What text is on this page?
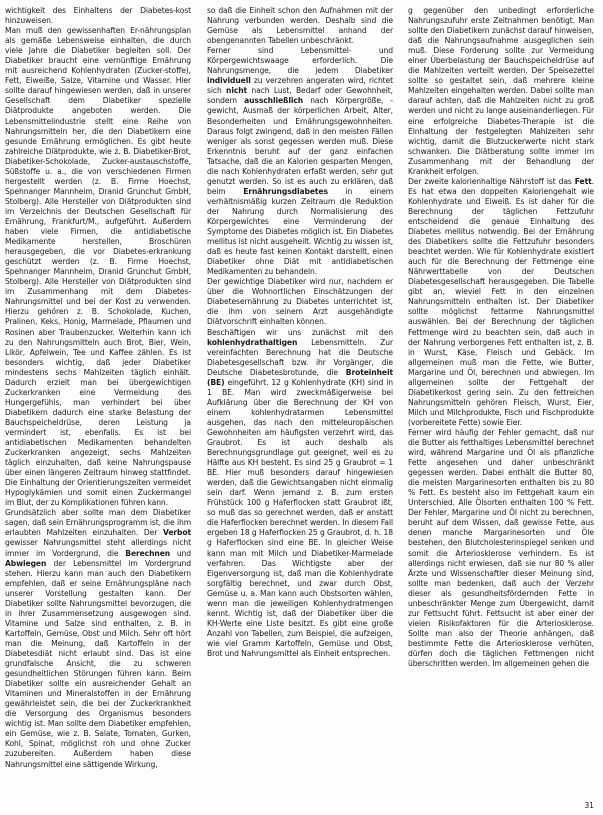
wichtigkeit des Einhaltens der Diabetes-kost hinzuweisen.

Man muß den gewissenhaften Er-nährungsplan als gemäße Lebensweise einhalten, die durch viele Jahre die Diabetiker begleiten soll. Der Diabetiker braucht eine vernünftige Ernährung mit ausreichend Kohlenhydraten (Zucker-stoffe), Fett, Eiweiße, Salze, Vitamine und Wasser. Hier sollte darauf hingewiesen werden, daß in unserer Gesellschaft dem Diabetiker spezielle Diätprodukte angeboten werden. Die Lebensmittelindustrie stellt eine Reihe von Nahrungsmitteln her, die den Diabetikern eine gesunde Ernährung ermöglichen. Es gibt heute zahlreiche Diätprodukte, wie z. B. Diabetiker-Brot, Diabetiker-Schokolade, Zucker-austauschstoffe, Süßstoffe u. a., die von verschiedenen Firmen hergestellt werden (z. B. Firme Hoechst, Spehnanger Mannheim, Dranid Grunchut GmbH, Stolberg). Alle Hersteller von Diätprodukten sind im Verzeichnis der Deutschen Gesellschaft für Ernährung, Frankfurt/M., aufgeführt. Außerdem haben viele Firmen, die antidiabetische Medikamente herstellen, Broschüren herausgegeben, die vor Diabetes-erkrankung geschützt werden (z. B. Firme Hoechst, Spehnanger Mannheim, Dranid Grunchut GmbH, Stolberg). Alle Hersteller von Diätprodukten sind im Zusammenhang mit dem Diabetes-Nahrungsmittel und bei der Kost zu verwenden. Hierzu gehören z. B. Schokolade, Kuchen, Pralinen, Keks, Honig, Marmelade, Pflaumen und Rosinen aber Traubenzucker. Weiterhin kann ich zu den Nahrungsmitteln auch Brot, Bier, Wein, Likör, Apfelwein, Tee und Kaffee zählen. Es ist besonders wichtig, daß jeder Diabetiker mindestens sechs Mahlzeiten täglich einhält. Dadurch erzielt man bei übergewichtigen Zuckerkranken eine Vermeidung des Hungergefühls, man verhindert bei über Diabetikern dadurch eine starke Belastung der Bauchspeicheldrüse, deren Leistung ja vermindert ist, ebenfalls. Es ist bei antidiabetischen Medikamenten behandelten Zuckerkranken angezeigt, sechs Mahlzeiten täglich einzuhalten, daß keine Nahrungspause über einen längeren Zeitraum hinweg stattfindet. Die Einhaltung der Orientierungszeiten vermeidet Hypoglykämien und somit einen Zuckermangel im Blut, der zu Komplikationen führen kann.

Grundsätzlich aber sollte man dem Diabetiker sagen, daß sein Ernährungsprogramm ist, die ihm erlaubten Mahlzeiten einzuhalten. Der Verbot gewisser Nahrungsmittel steht allerdings nicht immer im Vordergrund, die Berechnen und Abwiegen der Lebensmittel im Vordergrund stehen. Hierzu kann man auch den Diabetikern empfehlen, daß er seine Ernährungspläne nach unserer Vorstellung gestalten kann. Der Diabetiker sollte Nahrungsmittel bevorzugen, die in ihrer Zusammensetzung ausgewogen sind. Vitamine und Salze sind enthalten, z. B. in Kartoffeln, Gemüse, Obst und Milch. Sehr oft hört man die Meinung, daß Kartoffeln in der Diabetesdiät nicht erlaubt sind. Das ist eine grundfalsche Ansicht, die zu schweren gesundheitlichen Störungen führen kann. Beim Diabetiker sollte ein ausreichender Gehalt an Vitaminen und Mineralstoffen in der Ernährung gewährleistet sein, die bei der Zuckerkrankheit die Versorgung des Organismus besonders wichtig ist. Man sollte dem Diabetiker empfehlen, ein Gemüse, wie z. B. Salate, Tomaten, Gurken, Kohl, Spinat, möglichst roh und ohne Zucker zuzubereiten. Außerdem haben diese Nahrungsmittel eine sättigende Wirkung,

so daß die Einheit schon den Aufnahmen mit der Nahrung verbunden werden. Deshalb sind die Gemüse als Lebensmittel anhand der obengenannten Tabellen unbeschränkt.

Ferner sind Lebensmittel- und Körpergewichtswaage erforderlich. Die Nahrungsmenge, die jedem Diabetiker individuell zu verzehren angeraten wird, richtet sich nicht nach Lust, Bedarf oder Gewohnheit, sondern ausschließlich nach Körpergröße, -gewicht, Ausmaß der körperlichen Arbeit, Alter, Besonderheiten und Ernährungsgewohnheiten. Daraus folgt zwingend, daß in den meisten Fällen weniger als sonst gegessen werden muß. Diese Erkenntnis beruht auf der ganz einfachen Tatsache, daß die an Kalorien gesparten Mengen, die nach Kohlenhydraten erfaßt werden, sehr gut genutzt werden. So ist es auch zu erklären, daß beim Ernährungsdiabetes in einem verhältnismäßig kurzen Zeitraum die Reduktion der Nahrung durch Normalisierung des Körpergewichtes eine Verminderung der Symptome des Diabetes möglich ist. Ein Diabetes mellitus ist nicht ausgeheilt. Wichtig zu wissen ist, daß es heute fast keinen Kontakt darstellt, einen Diabetiker ohne Diät mit antidiabetischen Medikamenten zu behandeln.

Der gewichtige Diabetiker wird nur, nachdem er über die Wohnortlichen Einschätzungen der Diabetesernährung zu Diabetes unterrichtet ist, die ihm von seinem Arzt ausgehändigte Diätvorschrift einhalten können.

Beschäftigen wir uns zunächst mit den kohlenhydrathaltigen Lebensmitteln. Zur vereinfachten Berechnung hat die Deutsche Diabetesgesellschaft bzw. ihr Vorgänger, die Deutsche Diabetesbrotunde, die Broteinheit (BE) eingeführt. 12 g Kohlenhydrate (KH) sind in 1 BE. Man wird zweckmäßigerweise bei Aufklärung über die Berechnung der KH von einem kohlenhydratarmen Lebensmittel ausgehen, das nach den mitteleuropäischen Gewohnheiten am häufigsten verzehrt wird, das Graubrot. Es ist auch deshalb als Berechnungsgrundlage gut geeignet, weil es zu Hälfte aus KH besteht. Es sind 25 g Graubrot = 1 BE. Hier muß besonders darauf hingewiesen werden, daß die Gewichtsangaben nicht einmalig sein darf. Wenn jemand z. B. zum ersten Frühstück 100 g Haferflocken statt Graubrot ißt, so muß das so gerechnet werden, daß er anstatt die Haferflocken berechnet werden. In diesem Fall ergeben 18 g Haferflocken 25 g Graubrot, d. h. 18 g Haferflocken sind eine BE. In gleicher Weise kann man mit Milch und Diabetiker-Marmelade verfahren. Das Wichtigste aber der Eigenversorgung ist, daß man die Kohlenhydrate sorgfältig berechnet, und zwar durch Obst, Gemüse u. a. Man kann auch Obstsorten wählen, wenn man die jeweiligen Kohlenhydratmengen kennt. Wichtig ist, daß der Diabetiker über die KH-Werte eine Liste besitzt. Es gibt eine große Anzahl von Tabellen, zum Beispiel, die aufzeigen, wie viel Gramm Kartoffeln, Gemüse und Obst, Brot und Nahrungsmittel als Einheit entsprechen.

g gegenüber den unbedingt erforderliche Nahrungszufuhr erste Zeitnahmen benötigt. Man sollte den Diabetikern zunächst darauf hinweisen, daß die Nahrungsaufnahme ausgeglichen sein muß. Diese Forderung sollte zur Vermeidung einer Überbelastung der Bauchspeicheldrüse auf die Mahlzeiten verteilt werden. Der Speisezettel sollte so gestaltet sein, daß mehrere kleine Mahlzeiten eingehalten werden. Dabei sollte man darauf achten, daß die Mahlzeiten nicht zu groß werden und nicht zu lange auseinanderliegen. Für eine erfolgreiche Diabetes-Therapie ist die Einhaltung der festgelegten Mahlzeiten sehr wichtig, damit die Blutzuckerwerte nicht stark schwanken. Die Diätberatung sollte immer im Zusammenhang mit der Behandlung der Krankheit erfolgen.

Der zweite kalorienhaltige Nährstoff ist das Fett. Es hat etwa den doppelten Kaloriengehalt wie Kohlenhydrate und Eiweiß. Es ist daher für die Berechnung der täglichen Fettzufuhr entscheidend die genaue Einhaltung des Diabetes mellitus notwendig. Bei der Ernährung des Diabetikers sollte die Fettzufuhr besonders beachtet werden. Wie für Kohlenhydrate existiert auch für die Berechnung der Fettmenge eine Nährwerttabelle von der Deutschen Diabetesgesellschaft herausgegeben. Die Tabelle gibt an, wieviel Fett in den einzelnen Nahrungsmitteln enthalten ist. Der Diabetiker sollte möglichst fettarme Nahrungsmittel auswählen. Bei der Berechnung der täglichen Fettmenge wird zu beachten sein, daß auch in der Nahrung verborgenes Fett enthalten ist, z. B. in Wurst, Käse, Fleisch und Gebäck. Im allgemeinen muß man die Fette, wie Butter, Margarine und Öl, berechnen und abwiegen. Im allgemeinen sollte der Fettgehalt der Diabetikerkost gering sein. Zu den fettreichen Nahrungsmitteln gehören Fleisch, Wurst, Eier, Milch und Milchprodukte, Fisch und Fischprodukte (vorbereitete Fette) sowie Eier.

Ferner wird häufig der Fehler gemacht, daß nur die Butter als fetthaltiges Lebensmittel berechnet wird, während Margarine und Öl als pflanzliche Fette angesehen und daher unbeschränkt gegessen werden. Dabei enthält die Butter 80, die meisten Margarinesorten enthalten bis zu 80 % Fett. Es besteht also im Fettgehalt kaum ein Unterschied. Alle Ölsorten enthalten 100 % Fett. Der Fehler, Margarine und Öl nicht zu berechnen, beruht auf dem Wissen, daß gewisse Fette, aus denen manche Margarinesorten und Öle bestehen, den Blutcholesterinspiegel senken und somit die Arteriosklerose verhindern. Es ist allerdings nicht erwiesen, daß sie nur 80 % aller Ärzte und Wissenschaftler dieser Meinung sind, sollte man bedenken, daß auch der Verzehr dieser als gesundheitsfördernden Fette in unbeschränkter Menge zum Übergewicht, damit zur Fettsucht führt. Fettsucht ist aber einer der vielen Risikofaktoren für die Arteriosklerose. Sollte man also der Theorie anhängen, daß bestimmte Fette die Arteriosklerose verhüten, dürfen doch die täglichen Fettmengen nicht überschritten werden. Im allgemeinen gehen die

31
